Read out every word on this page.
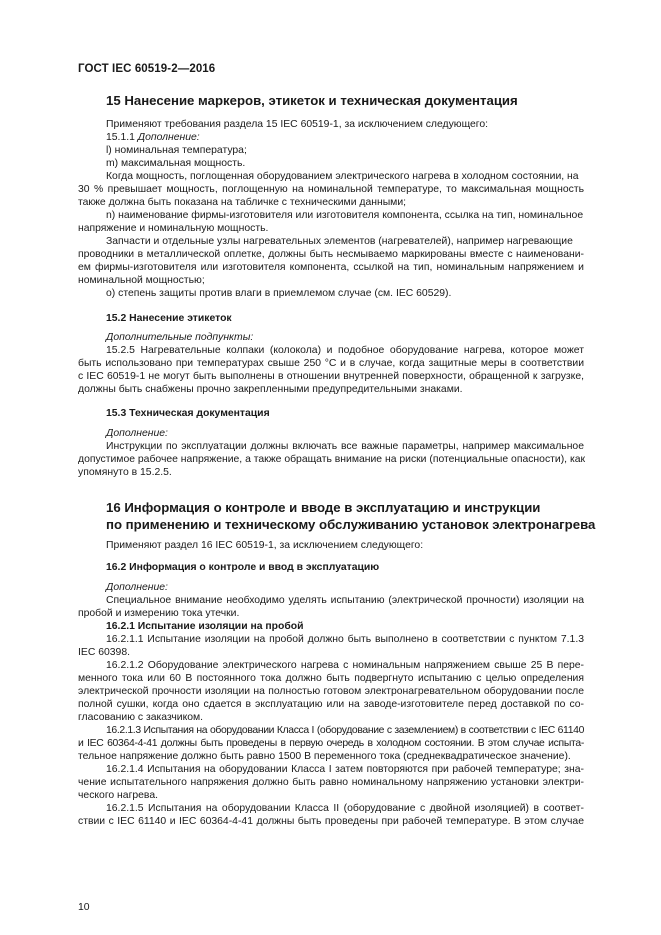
ГОСТ IEC 60519-2—2016
15 Нанесение маркеров, этикеток и техническая документация
Применяют требования раздела 15 IEC 60519-1, за исключением следующего:
15.1.1 Дополнение:
l) номинальная температура;
m) максимальная мощность.
Когда мощность, поглощенная оборудованием электрического нагрева в холодном состоянии, на
30 % превышает мощность, поглощенную на номинальной температуре, то максимальная мощность
также должна быть показана на табличке с техническими данными;
n) наименование фирмы-изготовителя или изготовителя компонента, ссылка на тип, номинальное
напряжение и номинальную мощность.
Запчасти и отдельные узлы нагревательных элементов (нагревателей), например нагревающие
проводники в металлической оплетке, должны быть несмываемо маркированы вместе с наименовани-
ем фирмы-изготовителя или изготовителя компонента, ссылкой на тип, номинальным напряжением и
номинальной мощностью;
o) степень защиты против влаги в приемлемом случае (см. IEC 60529).
15.2 Нанесение этикеток
Дополнительные подпункты:
15.2.5 Нагревательные колпаки (колокола) и подобное оборудование нагрева, которое может
быть использовано при температурах свыше 250 °C и в случае, когда защитные меры в соответствии
с IEC 60519-1 не могут быть выполнены в отношении внутренней поверхности, обращенной к загрузке,
должны быть снабжены прочно закрепленными предупредительными знаками.
15.3 Техническая документация
Дополнение:
Инструкции по эксплуатации должны включать все важные параметры, например максимальное
допустимое рабочее напряжение, а также обращать внимание на риски (потенциальные опасности), как
упомянуто в 15.2.5.
16 Информация о контроле и вводе в эксплуатацию и инструкции
по применению и техническому обслуживанию установок электронагрева
Применяют раздел 16 IEC 60519-1, за исключением следующего:
16.2 Информация о контроле и ввод в эксплуатацию
Дополнение:
Специальное внимание необходимо уделять испытанию (электрической прочности) изоляции на
пробой и измерению тока утечки.
16.2.1 Испытание изоляции на пробой
16.2.1.1 Испытание изоляции на пробой должно быть выполнено в соответствии с пунктом 7.1.3
IEC 60398.
16.2.1.2 Оборудование электрического нагрева с номинальным напряжением свыше 25 В пере-
менного тока или 60 В постоянного тока должно быть подвергнуто испытанию с целью определения
электрической прочности изоляции на полностью готовом электронагревательном оборудовании после
полной сушки, когда оно сдается в эксплуатацию или на заводе-изготовителе перед доставкой по со-
гласованию с заказчиком.
16.2.1.3 Испытания на оборудовании Класса I (оборудование с заземлением) в соответствии с IEC 61140
и IEC 60364-4-41 должны быть проведены в первую очередь в холодном состоянии. В этом случае испыта-
тельное напряжение должно быть равно 1500 В переменного тока (среднеквадратическое значение).
16.2.1.4 Испытания на оборудовании Класса I затем повторяются при рабочей температуре; зна-
чение испытательного напряжения должно быть равно номинальному напряжению установки электри-
ческого нагрева.
16.2.1.5 Испытания на оборудовании Класса II (оборудование с двойной изоляцией) в соответ-
ствии с IEC 61140 и IEC 60364-4-41 должны быть проведены при рабочей температуре. В этом случае
10
